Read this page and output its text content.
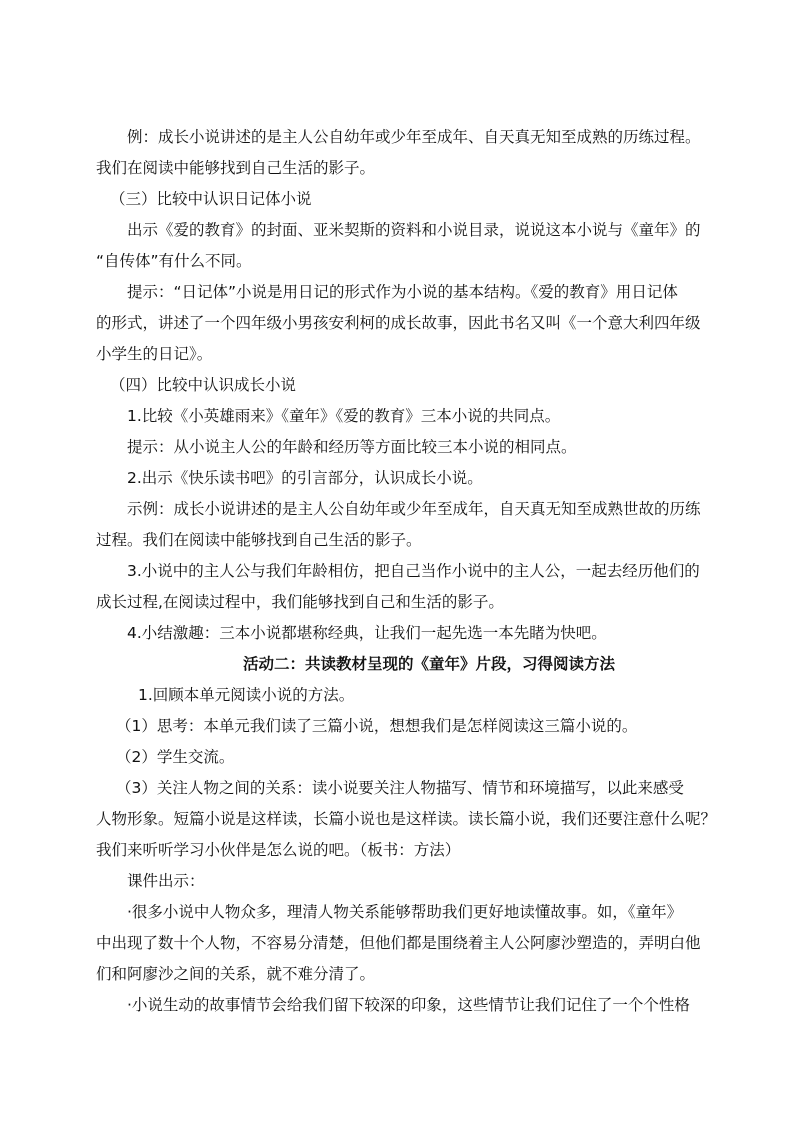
例：成长小说讲述的是主人公自幼年或少年至成年、自天真无知至成熟的历练过程。
我们在阅读中能够找到自己生活的影子。
（三）比较中认识日记体小说
出示《爱的教育》的封面、亚米契斯的资料和小说目录，说说这本小说与《童年》的
“自传体”有什么不同。
提示：“日记体”小说是用日记的形式作为小说的基本结构。《爱的教育》用日记体
的形式，讲述了一个四年级小男孩安利柯的成长故事，因此书名又叫《一个意大利四年级
小学生的日记》。
（四）比较中认识成长小说
1.比较《小英雄雨来》《童年》《爱的教育》三本小说的共同点。
提示：从小说主人公的年龄和经历等方面比较三本小说的相同点。
2.出示《快乐读书吧》的引言部分，认识成长小说。
示例：成长小说讲述的是主人公自幼年或少年至成年，自天真无知至成熟世故的历练
过程。我们在阅读中能够找到自己生活的影子。
3.小说中的主人公与我们年龄相仿，把自己当作小说中的主人公，一起去经历他们的
成长过程,在阅读过程中，我们能够找到自己和生活的影子。
4.小结激趣：三本小说都堪称经典，让我们一起先选一本先睹为快吧。
活动二：共读教材呈现的《童年》片段，习得阅读方法
1.回顾本单元阅读小说的方法。
（1）思考：本单元我们读了三篇小说，想想我们是怎样阅读这三篇小说的。
（2）学生交流。
（3）关注人物之间的关系：读小说要关注人物描写、情节和环境描写，以此来感受
人物形象。短篇小说是这样读，长篇小说也是这样读。读长篇小说，我们还要注意什么呢？
我们来听听学习小伙伴是怎么说的吧。（板书：方法）
课件出示：
·很多小说中人物众多，理清人物关系能够帮助我们更好地读懂故事。如，《童年》
中出现了数十个人物，不容易分清楚，但他们都是围绕着主人公阿廖沙塑造的，弄明白他
们和阿廖沙之间的关系，就不难分清了。
·小说生动的故事情节会给我们留下较深的印象，这些情节让我们记住了一个个性格
